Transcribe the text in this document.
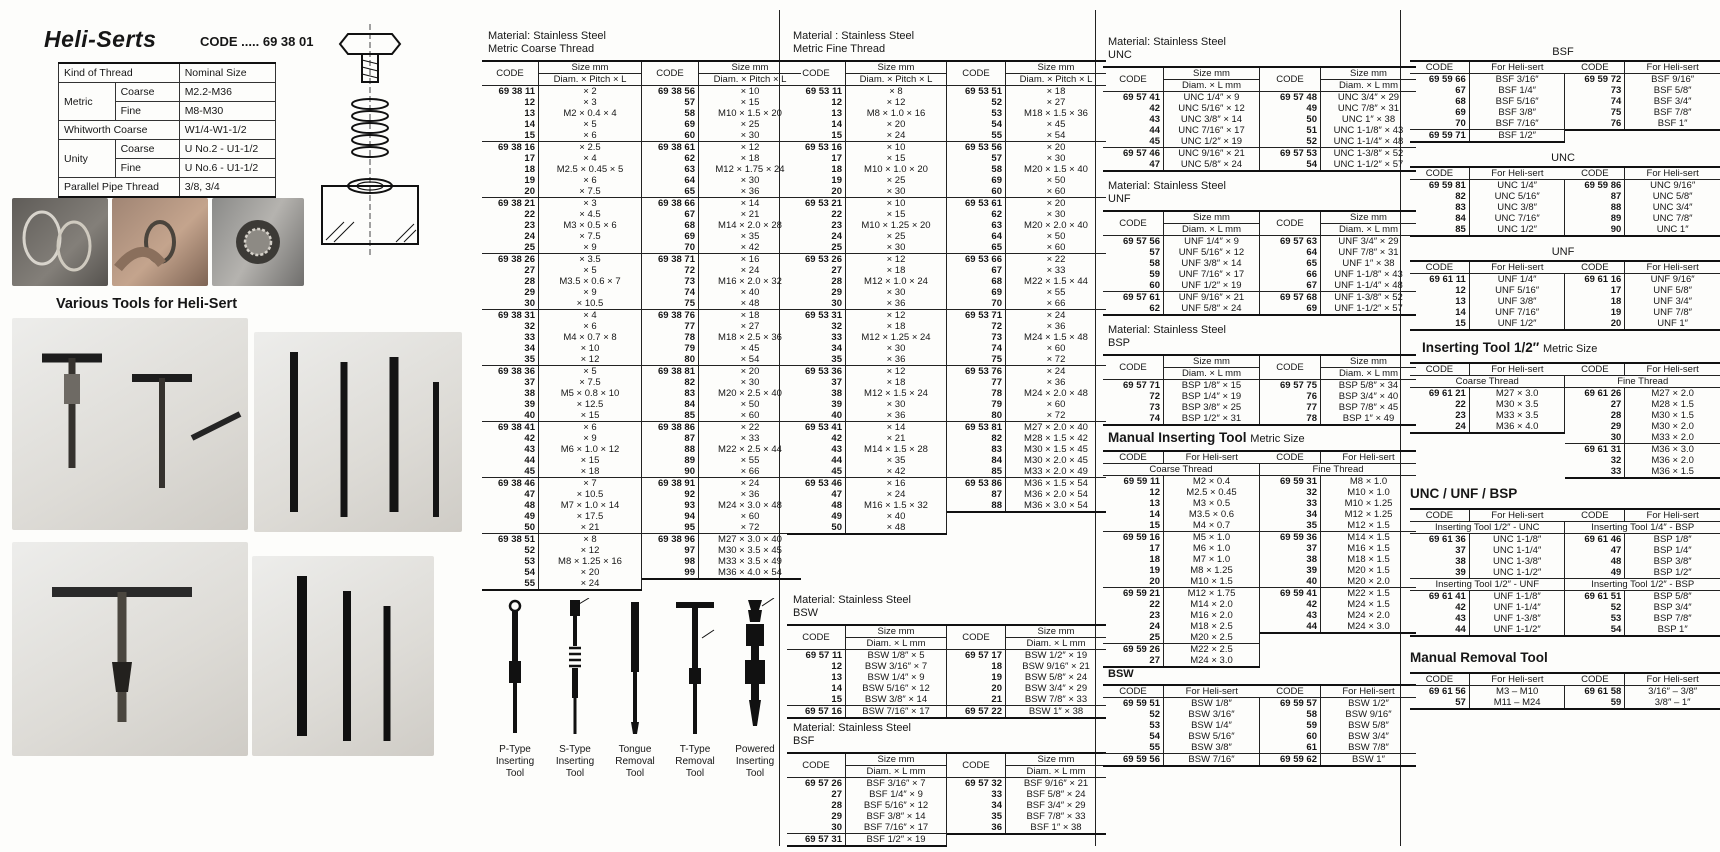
Heli-Serts	CODE ..... 69 38 01
Kind of Thread		Nominal Size
Metric	Coarse	M2.2-M36
	Fine	M8-M30
Whitworth Coarse		W1/4-W1-1/2
Unity	Coarse	U No.2 - U1-1/2
	Fine	U No.6 - U1-1/2
Parallel Pipe Thread		3/8, 3/4
Various Tools for Heli-Sert
Material: Stainless Steel
Metric Coarse Thread
CODE	Size mm
	Diam. × Pitch × L
69 38 11	× 2
12	× 3
13	M2 × 0.4 × 4
14	× 5
15	× 6
69 38 16	× 2.5
17	× 4
18	M2.5 × 0.45 × 5
19	× 6
20	× 7.5
69 38 21	× 3
22	× 4.5
23	M3 × 0.5 × 6
24	× 7.5
25	× 9
69 38 26	× 3.5
27	× 5
28	M3.5 × 0.6 × 7
29	× 9
30	× 10.5
69 38 31	× 4
32	× 6
33	M4 × 0.7 × 8
34	× 10
35	× 12
69 38 36	× 5
37	× 7.5
38	M5 × 0.8 × 10
39	× 12.5
40	× 15
69 38 41	× 6
42	× 9
43	M6 × 1.0 × 12
44	× 15
45	× 18
69 38 46	× 7
47	× 10.5
48	M7 × 1.0 × 14
49	× 17.5
50	× 21
69 38 51	× 8
52	× 12
53	M8 × 1.25 × 16
54	× 20
55	× 24
CODE	Size mm
	Diam. × Pitch × L
69 38 56	× 10
57	× 15
58	M10 × 1.5 × 20
69	× 25
60	× 30
69 38 61	× 12
62	× 18
63	M12 × 1.75 × 24
64	× 30
65	× 36
69 38 66	× 14
67	× 21
68	M14 × 2.0 × 28
69	× 35
70	× 42
69 38 71	× 16
72	× 24
73	M16 × 2.0 × 32
74	× 40
75	× 48
69 38 76	× 18
77	× 27
78	M18 × 2.5 × 36
79	× 45
80	× 54
69 38 81	× 20
82	× 30
83	M20 × 2.5 × 40
84	× 50
85	× 60
69 38 86	× 22
87	× 33
88	M22 × 2.5 × 44
89	× 55
90	× 66
69 38 91	× 24
92	× 36
93	M24 × 3.0 × 48
94	× 60
95	× 72
69 38 96	M27 × 3.0 × 40
97	M30 × 3.5 × 45
98	M33 × 3.5 × 49
99	M36 × 4.0 × 54
P-Type
Inserting
Tool
S-Type
Inserting
Tool
Tongue
Removal
Tool
T-Type
Removal
Tool
Powered
Inserting
Tool
Material : Stainless Steel
Metric Fine Thread
CODE	Size mm
	Diam. × Pitch × L
69 53 11	× 8
12	× 12
13	M8 × 1.0 × 16
14	× 20
15	× 24
69 53 16	× 10
17	× 15
18	M10 × 1.0 × 20
19	× 25
20	× 30
69 53 21	× 10
22	× 15
23	M10 × 1.25 × 20
24	× 25
25	× 30
69 53 26	× 12
27	× 18
28	M12 × 1.0 × 24
29	× 30
30	× 36
69 53 31	× 12
32	× 18
33	M12 × 1.25 × 24
34	× 30
35	× 36
69 53 36	× 12
37	× 18
38	M12 × 1.5 × 24
39	× 30
40	× 36
69 53 41	× 14
42	× 21
43	M14 × 1.5 × 28
44	× 35
45	× 42
69 53 46	× 16
47	× 24
48	M16 × 1.5 × 32
49	× 40
50	× 48
CODE	Size mm
	Diam. × Pitch × L
69 53 51	× 18
52	× 27
53	M18 × 1.5 × 36
54	× 45
55	× 54
69 53 56	× 20
57	× 30
58	M20 × 1.5 × 40
69	× 50
60	× 60
69 53 61	× 20
62	× 30
63	M20 × 2.0 × 40
64	× 50
65	× 60
69 53 66	× 22
67	× 33
68	M22 × 1.5 × 44
69	× 55
70	× 66
69 53 71	× 24
72	× 36
73	M24 × 1.5 × 48
74	× 60
75	× 72
69 53 76	× 24
77	× 36
78	M24 × 2.0 × 48
79	× 60
80	× 72
69 53 81	M27 × 2.0 × 40
82	M28 × 1.5 × 42
83	M30 × 1.5 × 45
84	M30 × 2.0 × 45
85	M33 × 2.0 × 49
69 53 86	M36 × 1.5 × 54
87	M36 × 2.0 × 54
88	M36 × 3.0 × 54
Material: Stainless Steel
BSW
CODE	Size mm
	Diam. × L mm
69 57 11	BSW 1/8″ × 5
12	BSW 3/16″ × 7
13	BSW 1/4″ × 9
14	BSW 5/16″ × 12
15	BSW 3/8″ × 14
69 57 16	BSW 7/16″ × 17
CODE	Size mm
	Diam. × L mm
69 57 17	BSW 1/2″ × 19
18	BSW 9/16″ × 21
19	BSW 5/8″ × 24
20	BSW 3/4″ × 29
21	BSW 7/8″ × 33
69 57 22	BSW 1″ × 38
Material: Stainless Steel
BSF
CODE	Size mm
	Diam. × L mm
69 57 26	BSF 3/16″ × 7
27	BSF 1/4″ × 9
28	BSF 5/16″ × 12
29	BSF 3/8″ × 14
30	BSF 7/16″ × 17
69 57 31	BSF 1/2″ × 19
CODE	Size mm
	Diam. × L mm
69 57 32	BSF 9/16″ × 21
33	BSF 5/8″ × 24
34	BSF 3/4″ × 29
35	BSF 7/8″ × 33
36	BSF 1″ × 38
Material: Stainless Steel
UNC
CODE	Size mm
	Diam. × L mm
69 57 41	UNC 1/4″ × 9
42	UNC 5/16″ × 12
43	UNC 3/8″ × 14
44	UNC 7/16″ × 17
45	UNC 1/2″ × 19
69 57 46	UNC 9/16″ × 21
47	UNC 5/8″ × 24
CODE	Size mm
	Diam. × L mm
69 57 48	UNC 3/4″ × 29
49	UNC 7/8″ × 31
50	UNC 1″ × 38
51	UNC 1-1/8″ × 43
52	UNC 1-1/4″ × 48
69 57 53	UNC 1-3/8″ × 52
54	UNC 1-1/2″ × 57
Material: Stainless Steel
UNF
CODE	Size mm
	Diam. × L mm
69 57 56	UNF 1/4″ × 9
57	UNF 5/16″ × 12
58	UNF 3/8″ × 14
59	UNF 7/16″ × 17
60	UNF 1/2″ × 19
69 57 61	UNF 9/16″ × 21
62	UNF 5/8″ × 24
CODE	Size mm
	Diam. × L mm
69 57 63	UNF 3/4″ × 29
64	UNF 7/8″ × 31
65	UNF 1″ × 38
66	UNF 1-1/8″ × 43
67	UNF 1-1/4″ × 48
69 57 68	UNF 1-3/8″ × 52
69	UNF 1-1/2″ × 57
Material: Stainless Steel
BSP
CODE	Size mm
	Diam. × L mm
69 57 71	BSP 1/8″ × 15
72	BSP 1/4″ × 19
73	BSP 3/8″ × 25
74	BSP 1/2″ × 31
CODE	Size mm
	Diam. × L mm
69 57 75	BSP 5/8″ × 34
76	BSP 3/4″ × 40
77	BSP 7/8″ × 45
78	BSP 1″ × 49
Manual Inserting Tool Metric Size
CODE	For Heli-sert
Coarse Thread	
69 59 11	M2 × 0.4
12	M2.5 × 0.45
13	M3 × 0.5
14	M3.5 × 0.6
15	M4 × 0.7
69 59 16	M5 × 1.0
17	M6 × 1.0
18	M7 × 1.0
19	M8 × 1.25
20	M10 × 1.5
69 59 21	M12 × 1.75
22	M14 × 2.0
23	M16 × 2.0
24	M18 × 2.5
25	M20 × 2.5
69 59 26	M22 × 2.5
27	M24 × 3.0
CODE	For Heli-sert
Fine Thread	
69 59 31	M8 × 1.0
32	M10 × 1.0
33	M10 × 1.25
34	M12 × 1.25
35	M12 × 1.5
69 59 36	M14 × 1.5
37	M16 × 1.5
38	M18 × 1.5
39	M20 × 1.5
40	M20 × 2.0
69 59 41	M22 × 1.5
42	M24 × 1.5
43	M24 × 2.0
44	M24 × 3.0
BSW
CODE	For Heli-sert
69 59 51	BSW 1/8″
52	BSW 3/16″
53	BSW 1/4″
54	BSW 5/16″
55	BSW 3/8″
69 59 56	BSW 7/16″
CODE	For Heli-sert
69 59 57	BSW 1/2″
58	BSW 9/16″
59	BSW 5/8″
60	BSW 3/4″
61	BSW 7/8″
69 59 62	BSW 1″
BSF
CODE	For Heli-sert
69 59 66	BSF 3/16″
67	BSF 1/4″
68	BSF 5/16″
69	BSF 3/8″
70	BSF 7/16″
69 59 71	BSF 1/2″
CODE	For Heli-sert
69 59 72	BSF 9/16″
73	BSF 5/8″
74	BSF 3/4″
75	BSF 7/8″
76	BSF 1″
UNC
CODE	For Heli-sert
69 59 81	UNC 1/4″
82	UNC 5/16″
83	UNC 3/8″
84	UNC 7/16″
85	UNC 1/2″
CODE	For Heli-sert
69 59 86	UNC 9/16″
87	UNC 5/8″
88	UNC 3/4″
89	UNC 7/8″
90	UNC 1″
UNF
CODE	For Heli-sert
69 61 11	UNF 1/4″
12	UNF 5/16″
13	UNF 3/8″
14	UNF 7/16″
15	UNF 1/2″
CODE	For Heli-sert
69 61 16	UNF 9/16″
17	UNF 5/8″
18	UNF 3/4″
19	UNF 7/8″
20	UNF 1″
Inserting Tool 1/2″ Metric Size
CODE	For Heli-sert
Coarse Thread	
69 61 21	M27 × 3.0
22	M30 × 3.5
23	M33 × 3.5
24	M36 × 4.0
CODE	For Heli-sert
Fine Thread	
69 61 26	M27 × 2.0
27	M28 × 1.5
28	M30 × 1.5
29	M30 × 2.0
30	M33 × 2.0
69 61 31	M36 × 3.0
32	M36 × 2.0
33	M36 × 1.5
UNC / UNF / BSP
CODE	For Heli-sert
Inserting Tool 1/2″ - UNC	
69 61 36	UNC 1-1/8″
37	UNC 1-1/4″
38	UNC 1-3/8″
39	UNC 1-1/2″
Inserting Tool 1/2″ - UNF	
69 61 41	UNF 1-1/8″
42	UNF 1-1/4″
43	UNF 1-3/8″
44	UNF 1-1/2″
CODE	For Heli-sert
Inserting Tool 1/4″ - BSP	
69 61 46	BSP 1/8″
47	BSP 1/4″
48	BSP 3/8″
49	BSP 1/2″
Inserting Tool 1/2″ - BSP	
69 61 51	BSP 5/8″
52	BSP 3/4″
53	BSP 7/8″
54	BSP 1″
Manual Removal Tool
CODE	For Heli-sert
69 61 56	M3 – M10
57	M11 – M24
CODE	For Heli-sert
69 61 58	3/16″ – 3/8″
59	3/8″ – 1″
